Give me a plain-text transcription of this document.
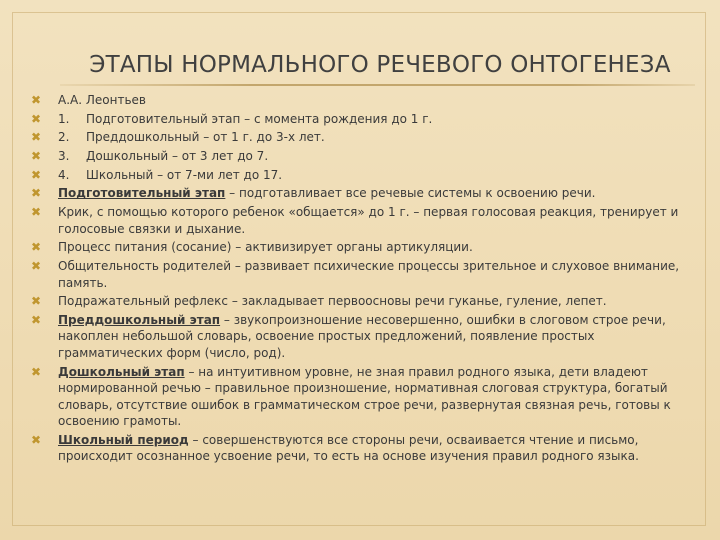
ЭТАПЫ НОРМАЛЬНОГО РЕЧЕВОГО ОНТОГЕНЕЗА
✖ А.А. Леонтьев
✖ 1. Подготовительный этап – с момента рождения до 1 г.
✖ 2. Преддошкольный – от 1 г. до 3-х лет.
✖ 3. Дошкольный – от 3 лет до 7.
✖ 4. Школьный – от 7-ми лет до 17.
✖ Подготовительный этап – подготавливает все речевые системы к освоению речи.
✖ Крик, с помощью которого ребенок «общается» до 1 г. – первая голосовая реакция, тренирует и голосовые связки и дыхание.
✖ Процесс питания (сосание) – активизирует органы артикуляции.
✖ Общительность родителей – развивает психические процессы зрительное и слуховое внимание, память.
✖ Подражательный рефлекс – закладывает первоосновы речи гуканье, гуление, лепет.
✖ Преддошкольный этап – звукопроизношение несовершенно, ошибки в слоговом строе речи, накоплен небольшой словарь, освоение простых предложений, появление простых грамматических форм (число, род).
✖ Дошкольный этап – на интуитивном уровне, не зная правил родного языка, дети владеют нормированной речью – правильное произношение, нормативная слоговая структура, богатый словарь, отсутствие ошибок в грамматическом строе речи, развернутая связная речь, готовы к освоению грамоты.
✖ Школьный период – совершенствуются все стороны речи, осваивается чтение и письмо, происходит осознанное усвоение речи, то есть на основе изучения правил родного языка.
